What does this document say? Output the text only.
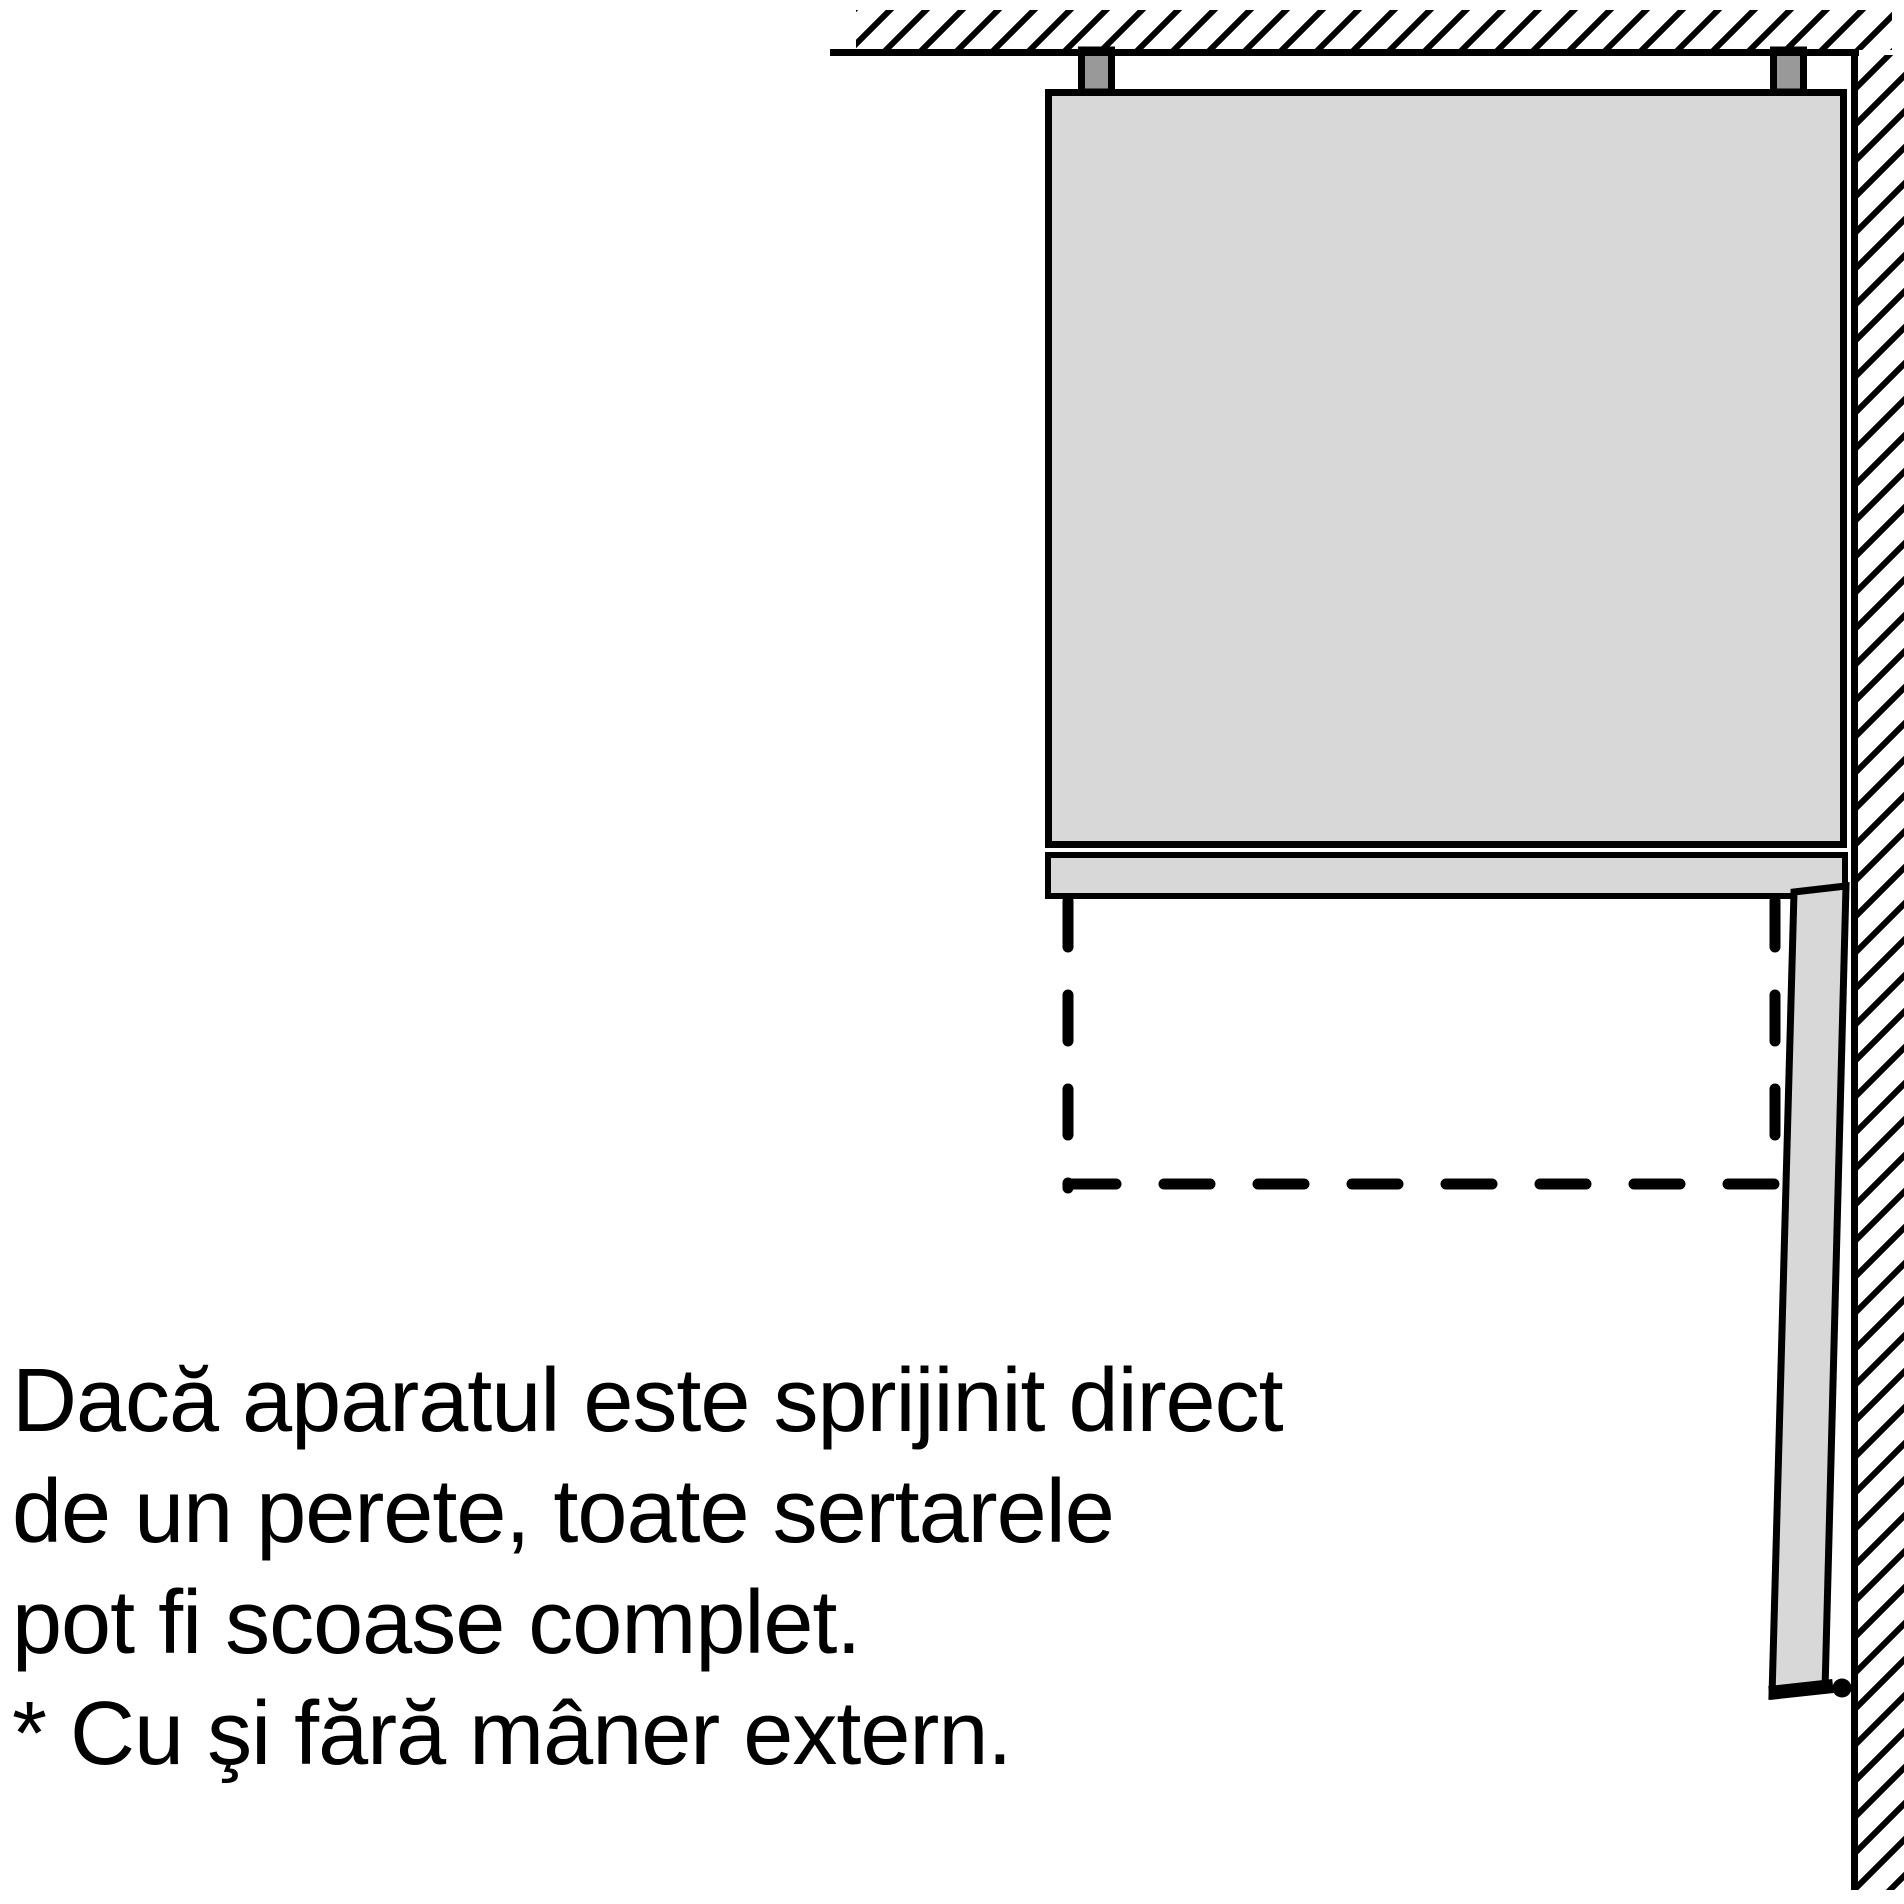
Dacă aparatul este sprijinit direct
de un perete, toate sertarele
pot fi scoase complet.
* Cu şi fără mâner extern.
